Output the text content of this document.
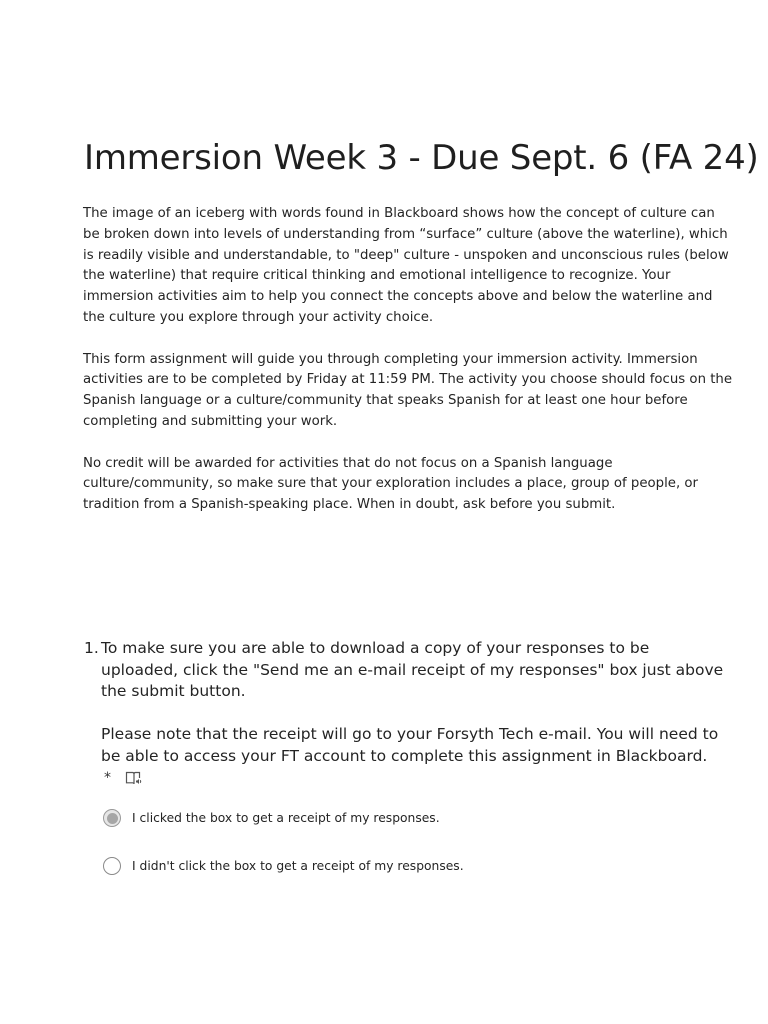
Immersion Week 3 - Due Sept. 6 (FA 24)

The image of an iceberg with words found in Blackboard shows how the concept of culture can be broken down into levels of understanding from “surface” culture (above the waterline), which is readily visible and understandable, to "deep" culture - unspoken and unconscious rules (below the waterline) that require critical thinking and emotional intelligence to recognize. Your immersion activities aim to help you connect the concepts above and below the waterline and the culture you explore through your activity choice.

This form assignment will guide you through completing your immersion activity. Immersion activities are to be completed by Friday at 11:59 PM. The activity you choose should focus on the Spanish language or a culture/community that speaks Spanish for at least one hour before completing and submitting your work.

No credit will be awarded for activities that do not focus on a Spanish language culture/community, so make sure that your exploration includes a place, group of people, or tradition from a Spanish-speaking place. When in doubt, ask before you submit.

1. To make sure you are able to download a copy of your responses to be uploaded, click the "Send me an e-mail receipt of my responses" box just above the submit button.

Please note that the receipt will go to your Forsyth Tech e-mail. You will need to be able to access your FT account to complete this assignment in Blackboard.

*
I clicked the box to get a receipt of my responses.
I didn't click the box to get a receipt of my responses.
